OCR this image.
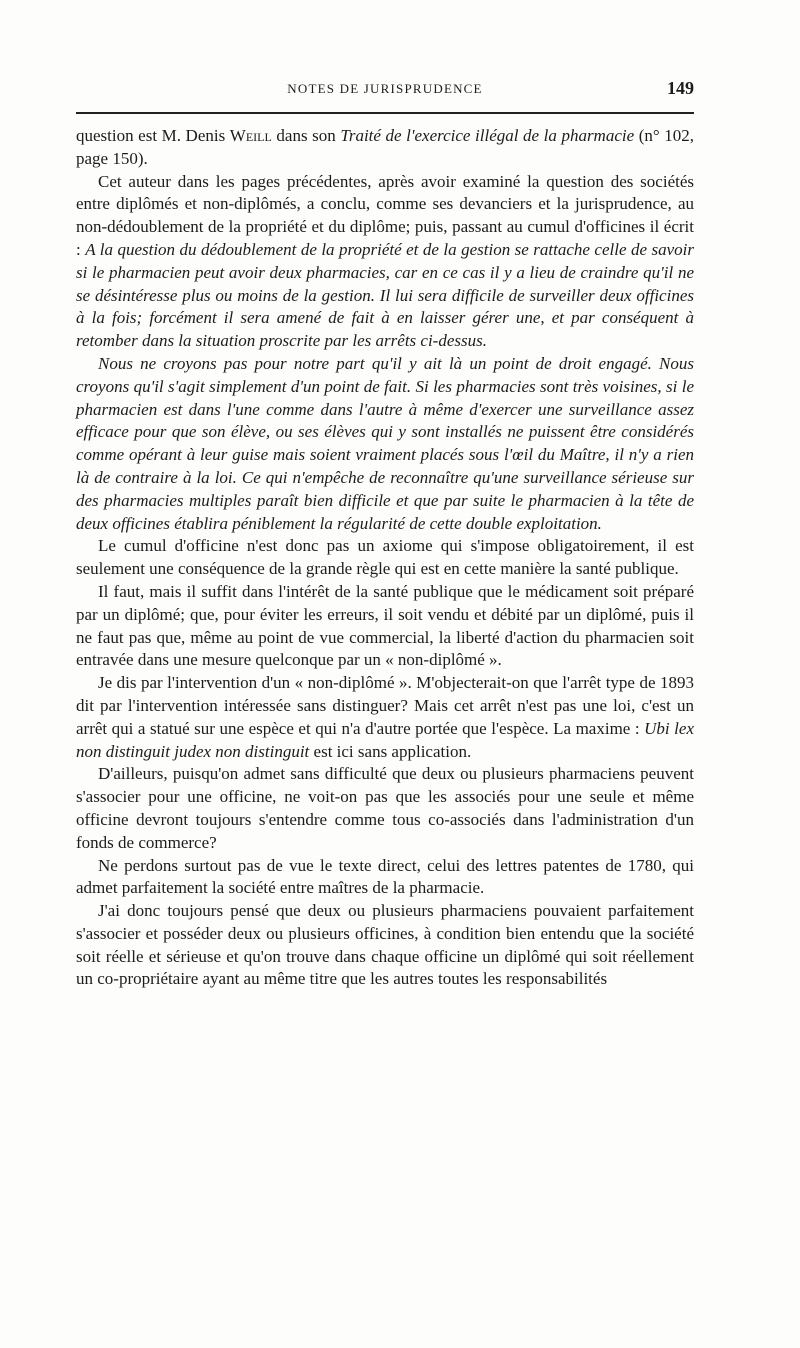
NOTES DE JURISPRUDENCE	149

question est M. Denis Weill dans son Traité de l'exercice illégal de la pharmacie (n° 102, page 150).

Cet auteur dans les pages précédentes, après avoir examiné la question des sociétés entre diplômés et non-diplômés, a conclu, comme ses devanciers et la jurisprudence, au non-dédoublement de la propriété et du diplôme; puis, passant au cumul d'officines il écrit : A la question du dédoublement de la propriété et de la gestion se rattache celle de savoir si le pharmacien peut avoir deux pharmacies, car en ce cas il y a lieu de craindre qu'il ne se désintéresse plus ou moins de la gestion. Il lui sera difficile de surveiller deux officines à la fois; forcément il sera amené de fait à en laisser gérer une, et par conséquent à retomber dans la situation proscrite par les arrêts ci-dessus.

Nous ne croyons pas pour notre part qu'il y ait là un point de droit engagé. Nous croyons qu'il s'agit simplement d'un point de fait. Si les pharmacies sont très voisines, si le pharmacien est dans l'une comme dans l'autre à même d'exercer une surveillance assez efficace pour que son élève, ou ses élèves qui y sont installés ne puissent être considérés comme opérant à leur guise mais soient vraiment placés sous l'œil du Maître, il n'y a rien là de contraire à la loi. Ce qui n'empêche de reconnaître qu'une surveillance sérieuse sur des pharmacies multiples paraît bien difficile et que par suite le pharmacien à la tête de deux officines établira péniblement la régularité de cette double exploitation.

Le cumul d'officine n'est donc pas un axiome qui s'impose obligatoirement, il est seulement une conséquence de la grande règle qui est en cette manière la santé publique.

Il faut, mais il suffit dans l'intérêt de la santé publique que le médicament soit préparé par un diplômé; que, pour éviter les erreurs, il soit vendu et débité par un diplômé, puis il ne faut pas que, même au point de vue commercial, la liberté d'action du pharmacien soit entravée dans une mesure quelconque par un « non-diplômé ».

Je dis par l'intervention d'un « non-diplômé ». M'objecterait-on que l'arrêt type de 1893 dit par l'intervention intéressée sans distinguer? Mais cet arrêt n'est pas une loi, c'est un arrêt qui a statué sur une espèce et qui n'a d'autre portée que l'espèce. La maxime : Ubi lex non distinguit judex non distinguit est ici sans application.

D'ailleurs, puisqu'on admet sans difficulté que deux ou plusieurs pharmaciens peuvent s'associer pour une officine, ne voit-on pas que les associés pour une seule et même officine devront toujours s'entendre comme tous co-associés dans l'administration d'un fonds de commerce?

Ne perdons surtout pas de vue le texte direct, celui des lettres patentes de 1780, qui admet parfaitement la société entre maîtres de la pharmacie.

J'ai donc toujours pensé que deux ou plusieurs pharmaciens pouvaient parfaitement s'associer et posséder deux ou plusieurs officines, à condition bien entendu que la société soit réelle et sérieuse et qu'on trouve dans chaque officine un diplômé qui soit réellement un co-propriétaire ayant au même titre que les autres toutes les responsabilités
